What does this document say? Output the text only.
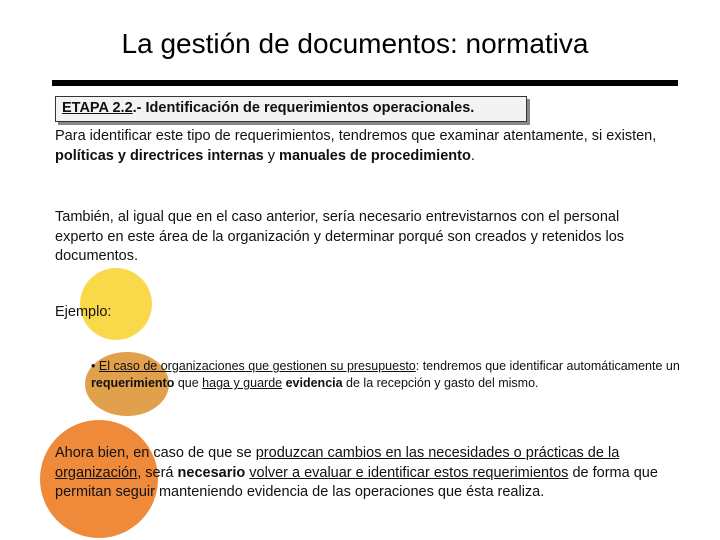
La gestión de documentos: normativa
ETAPA 2.2.- Identificación de requerimientos operacionales.
Para identificar este tipo de requerimientos, tendremos que examinar atentamente, si existen, políticas y directrices internas y manuales de procedimiento.
También, al igual que en el caso anterior, sería necesario entrevistarnos con el personal experto en este área de la organización y determinar porqué son creados y retenidos los documentos.
Ejemplo:
• El caso de organizaciones que gestionen su presupuesto: tendremos que identificar automáticamente un requerimiento que haga y guarde evidencia de la recepción y gasto del mismo.
Ahora bien, en caso de que se produzcan cambios en las necesidades o prácticas de la organización, será necesario volver a evaluar e identificar estos requerimientos de forma que permitan seguir manteniendo evidencia de las operaciones que ésta realiza.
